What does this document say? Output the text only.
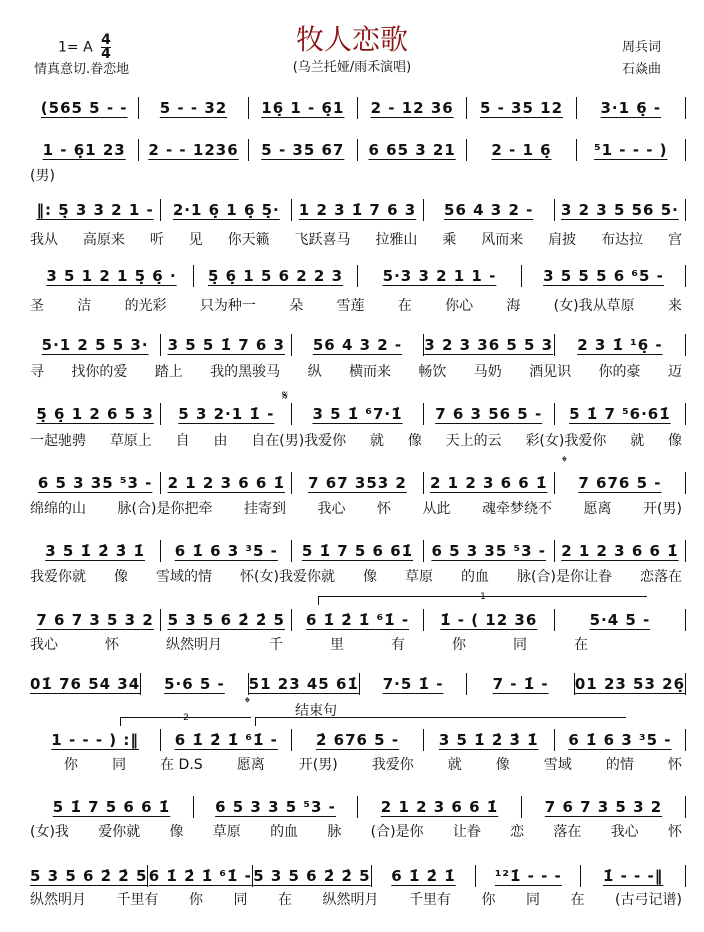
牧人恋歌
(乌兰托娅/雨禾演唱)
1= A $\frac{4}{4}$
情真意切.眷恋地
周兵词
石焱曲
𝄋
𝄌
𝄌	结束句
1
2
(565 5 - -	5 - - 32	16̣ 1 - 6̣1	2 - 12 36	5 - 35 12	3·1 6̣ -
1 - 6̣1 23	2 - - 1236	5 - 35 67	6 65 3 21	2 - 1 6̣	⁵1 - - - )
(男)
‖: 5̣ 3 3 2 1 -	2·1 6̣ 1 6̣ 5̣·	1 2 3 1̇ 7 6 3	56 4 3 2 -	3 2 3 5 56 5·
我从 高原来 听 见 你天籁 飞跃喜马 拉雅山 乘 风而来 肩披 布达拉 宫
3 5 1 2 1 5̣ 6̣ ·	5̣ 6̣ 1 5 6 2 2 3	5·3 3 2 1 1 -	3 5 5 5 6 ⁶5 -
圣 洁 的光彩 只为种一 朵 雪莲 在 你心 海 (女)我从草原 来
5·1 2 5 5 3·	3 5 5 1̇ 7 6 3	56 4 3 2 -	3 2 3 36 5 5 3	2 3 1̇ ¹6̣ -
寻 找你的爱 踏上 我的黑骏马 纵 横而来 畅饮 马奶 酒见识 你的豪 迈
5̣ 6̣ 1 2 6 5 3	5 3 2·1 1̇ -	3 5 1̇ ⁶7·1̇	7 6 3 56 5 -	5 1̇ 7 ⁵6·61̇
一起驰骋 草原上 自 由 自在(男)我爱你 就 像 天上的云 彩(女)我爱你 就 像
6 5 3 35 ⁵3 -	2 1 2 3 6 6 1̇	7 67 353 2	2 1 2 3 6 6 1̇	7 676 5 -
绵绵的山 脉(合)是你把牵 挂寄到 我心 怀 从此 魂牵梦绕不 愿离 开(男)
3 5 1̇ 2̇ 3̇ 1̇	6 1̇ 6 3 ³5 -	5 1̇ 7 5 6 61̇	6 5 3 35 ⁵3 -	2 1 2 3 6 6 1̇
我爱你就 像 雪域的情 怀(女)我爱你就 像 草原 的血 脉(合)是你让眷 恋落在
7 6 7 3 5 3 2 5 3 5 6 2̇ 2̇ 5	6 1̇ 2̇ 1̇ ⁶1̇ -	1̇ - ( 12 36	5·4 5 -
我心	怀	纵然明月	千	里	有	你	同	在
01̇ 76 54 34	5·6 5 -	51 23 45 61̇	7·5 1̇ -	7 - 1̇ -	01 23 53 26̣
1 - - - ) :‖	6 1̇ 2̇ 1̇ ⁶1̇ -	2̇ 676 5 -	3 5 1̇ 2̇ 3̇ 1̇	6 1̇ 6 3 ³5 -
你 同 在 D.S 愿离 开(男) 我爱你 就 像 雪域 的情 怀
5 1̇ 7 5 6 6 1̇	6 5 3 3 5 ⁵3 -	2 1 2 3 6 6 1̇	7 6 7 3 5 3 2
(女)我 爱你就 像 草原 的血 脉 (合)是你 让眷 恋 落在 我心 怀
5 3 5 6 2̇ 2̇ 5 6 1̇ 2̇ 1̇ ⁶1̇ - 5 3 5 6 2̇ 2̇ 5	6 1̇ 2̇ 1̇	¹²1̇ - - -	1̇ - - -‖
纵然明月 千里有 你 同 在 纵然明月 千里有 你 同 在 (古弓记谱)
